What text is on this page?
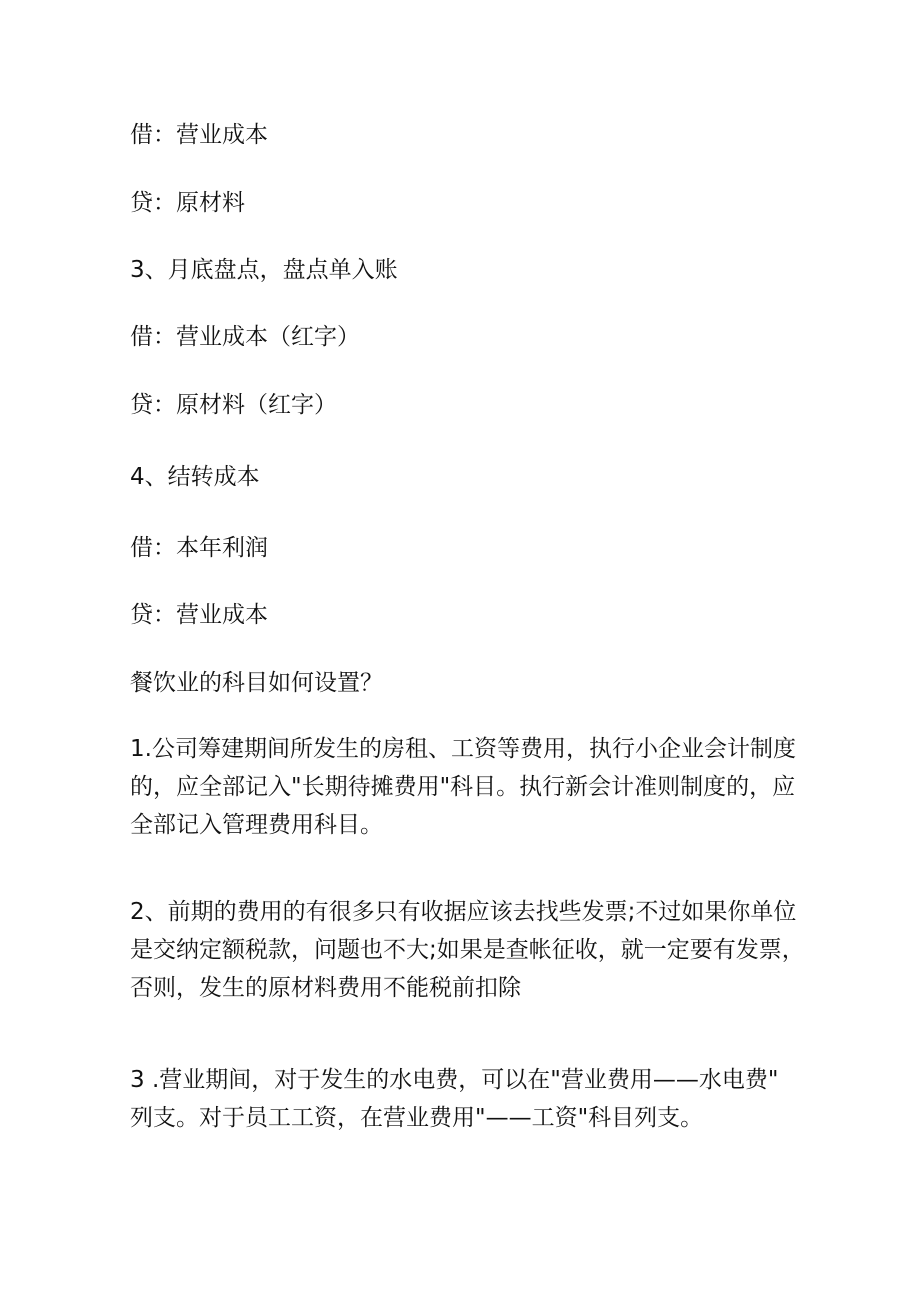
借：营业成本
贷：原材料
3、月底盘点，盘点单入账
借：营业成本（红字）
贷：原材料（红字）
4、结转成本
借：本年利润
贷：营业成本
餐饮业的科目如何设置？
1.公司筹建期间所发生的房租、工资等费用，执行小企业会计制度
的，应全部记入"长期待摊费用"科目。执行新会计准则制度的，应
全部记入管理费用科目。
2、前期的费用的有很多只有收据应该去找些发票;不过如果你单位
是交纳定额税款，问题也不大;如果是查帐征收，就一定要有发票，
否则，发生的原材料费用不能税前扣除
3 .营业期间，对于发生的水电费，可以在"营业费用——水电费"
列支。对于员工工资，在营业费用"——工资"科目列支。
